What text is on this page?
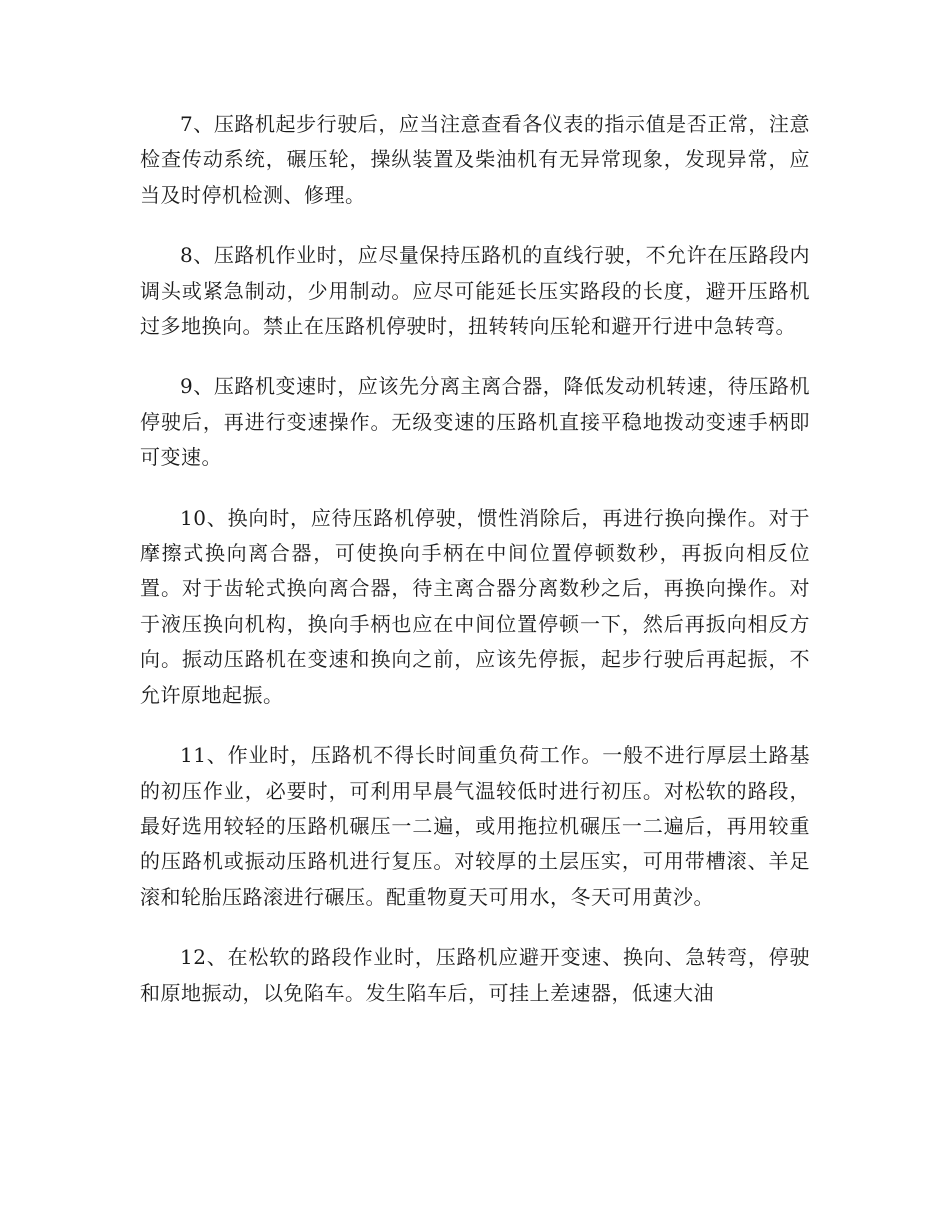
7、压路机起步行驶后，应当注意查看各仪表的指示值是否正常，注意检查传动系统，碾压轮，操纵装置及柴油机有无异常现象，发现异常，应当及时停机检测、修理。

8、压路机作业时，应尽量保持压路机的直线行驶，不允许在压路段内调头或紧急制动，少用制动。应尽可能延长压实路段的长度，避开压路机过多地换向。禁止在压路机停驶时，扭转转向压轮和避开行进中急转弯。

9、压路机变速时，应该先分离主离合器，降低发动机转速，待压路机停驶后，再进行变速操作。无级变速的压路机直接平稳地拨动变速手柄即可变速。

10、换向时，应待压路机停驶，惯性消除后，再进行换向操作。对于摩擦式换向离合器，可使换向手柄在中间位置停顿数秒，再扳向相反位置。对于齿轮式换向离合器，待主离合器分离数秒之后，再换向操作。对于液压换向机构，换向手柄也应在中间位置停顿一下，然后再扳向相反方向。振动压路机在变速和换向之前，应该先停振，起步行驶后再起振，不允许原地起振。

11、作业时，压路机不得长时间重负荷工作。一般不进行厚层土路基的初压作业，必要时，可利用早晨气温较低时进行初压。对松软的路段，最好选用较轻的压路机碾压一二遍，或用拖拉机碾压一二遍后，再用较重的压路机或振动压路机进行复压。对较厚的土层压实，可用带槽滚、羊足滚和轮胎压路滚进行碾压。配重物夏天可用水，冬天可用黄沙。

12、在松软的路段作业时，压路机应避开变速、换向、急转弯，停驶和原地振动，以免陷车。发生陷车后，可挂上差速器，低速大油
